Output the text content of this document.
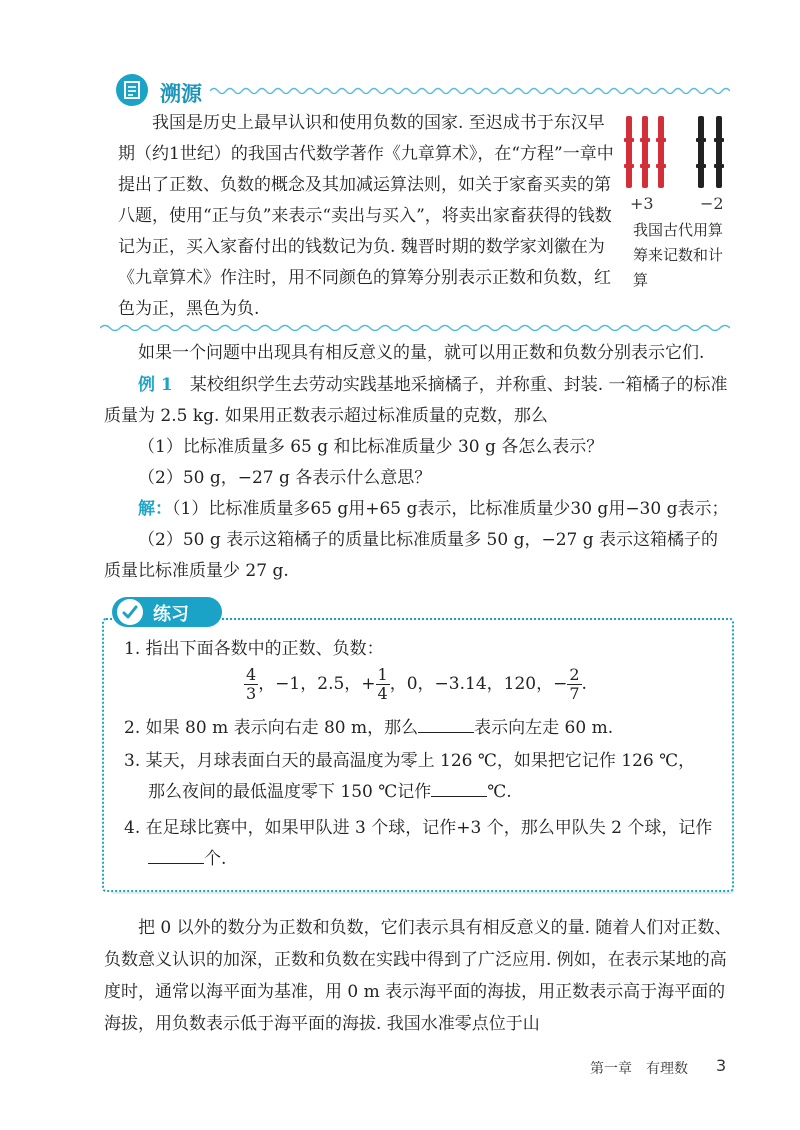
溯源

我国是历史上最早认识和使用负数的国家. 至迟成书于东汉早期（约1世纪）的我国古代数学著作《九章算术》，在“方程”一章中提出了正数、负数的概念及其加减运算法则，如关于家畜买卖的第八题，使用“正与负”来表示“卖出与买入”，将卖出家畜获得的钱数记为正，买入家畜付出的钱数记为负. 魏晋时期的数学家刘徽在为《九章算术》作注时，用不同颜色的算筹分别表示正数和负数，红色为正，黑色为负.

+3	−2
我国古代用算筹来记数和计算
如果一个问题中出现具有相反意义的量，就可以用正数和负数分别表示它们.
例 1　 某校组织学生去劳动实践基地采摘橘子，并称重、封装. 一箱橘子的标准质量为 2.5 kg. 如果用正数表示超过标准质量的克数，那么
（1）比标准质量多 65 g 和比标准质量少 30 g 各怎么表示？
（2）50 g，−27 g 各表示什么意思？
解：（1）比标准质量多65 g用+65 g表示，比标准质量少30 g用−30 g表示；
（2）50 g 表示这箱橘子的质量比标准质量多 50 g，−27 g 表示这箱橘子的质量比标准质量少 27 g.
练习
1. 指出下面各数中的正数、负数：
$\frac{4}{3}$ ，−1，2.5，+ $\frac{1}{4}$ ，0，−3.14，120，− $\frac{2}{7}$ .
2. 如果 80 m 表示向右走 80 m，那么	表示向左走 60 m.
3. 某天，月球表面白天的最高温度为零上 126 ℃，如果把它记作 126 ℃，
那么夜间的最低温度零下 150 ℃记作	℃.
4. 在足球比赛中，如果甲队进 3 个球，记作+3 个，那么甲队失 2 个球，记作
个.
把 0 以外的数分为正数和负数，它们表示具有相反意义的量. 随着人们对正数、负数意义认识的加深，正数和负数在实践中得到了广泛应用. 例如，在表示某地的高度时，通常以海平面为基准，用 0 m 表示海平面的海拔，用正数表示高于海平面的海拔，用负数表示低于海平面的海拔. 我国水准零点位于山
第一章　有理数 3
